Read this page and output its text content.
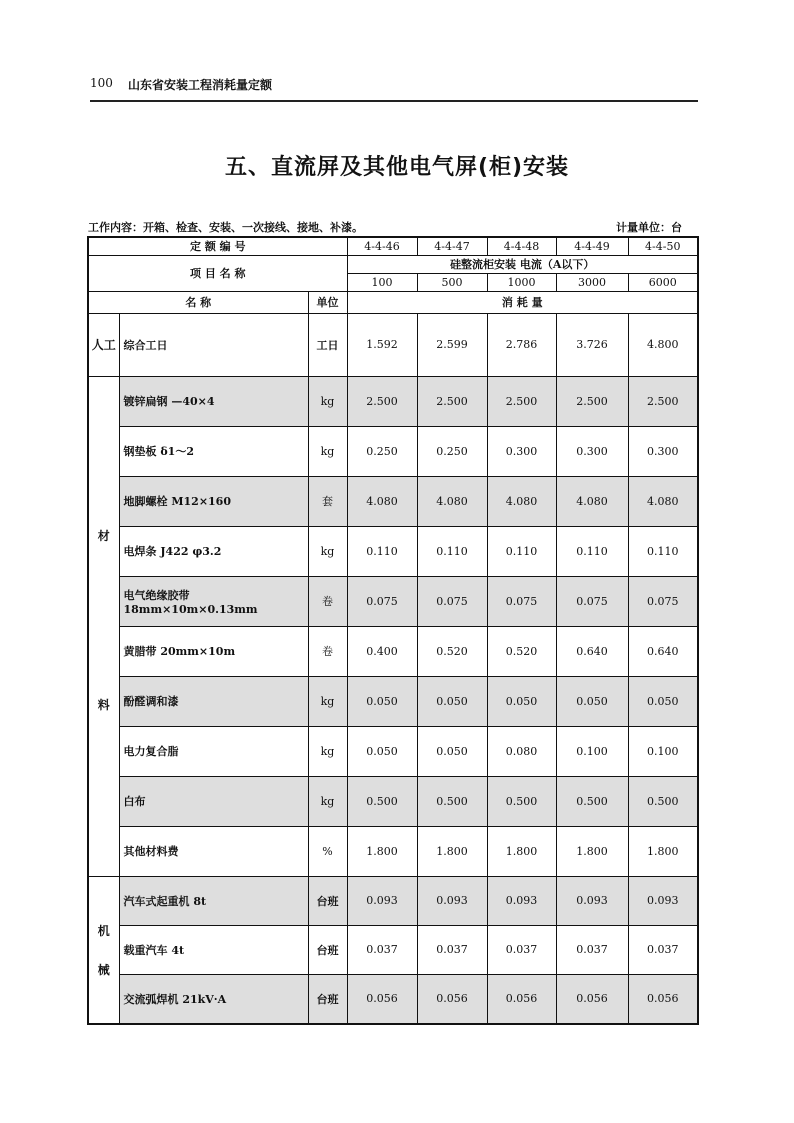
100 山东省安装工程消耗量定额
五、直流屏及其他电气屏(柜)安装
工作内容：开箱、检查、安装、一次接线、接地、补漆。	计量单位：台
定 额 编 号			4-4-46	4-4-47	4-4-48	4-4-49	4-4-50
项 目 名 称			硅整流柜安装 电流（A以下）				
			100	500	1000	3000	6000
名 称		单位	消 耗 量				
人工	综合工日	工日	1.592	2.599	2.786	3.726	4.800

材
料	镀锌扁钢 —40×4	kg	2.500	2.500	2.500	2.500	2.500
	钢垫板 δ1～2	kg	0.250	0.250	0.300	0.300	0.300
	地脚螺栓 M12×160	套	4.080	4.080	4.080	4.080	4.080
	电焊条 J422 φ3.2	kg	0.110	0.110	0.110	0.110	0.110
	电气绝缘胶带 18mm×10m×0.13mm	卷	0.075	0.075	0.075	0.075	0.075
	黄腊带 20mm×10m	卷	0.400	0.520	0.520	0.640	0.640
	酚醛调和漆	kg	0.050	0.050	0.050	0.050	0.050
	电力复合脂	kg	0.050	0.050	0.080	0.100	0.100
	白布	kg	0.500	0.500	0.500	0.500	0.500
	其他材料费	%	1.800	1.800	1.800	1.800	1.800

机
械	汽车式起重机 8t	台班	0.093	0.093	0.093	0.093	0.093
	载重汽车 4t	台班	0.037	0.037	0.037	0.037	0.037
	交流弧焊机 21kV·A	台班	0.056	0.056	0.056	0.056	0.056
